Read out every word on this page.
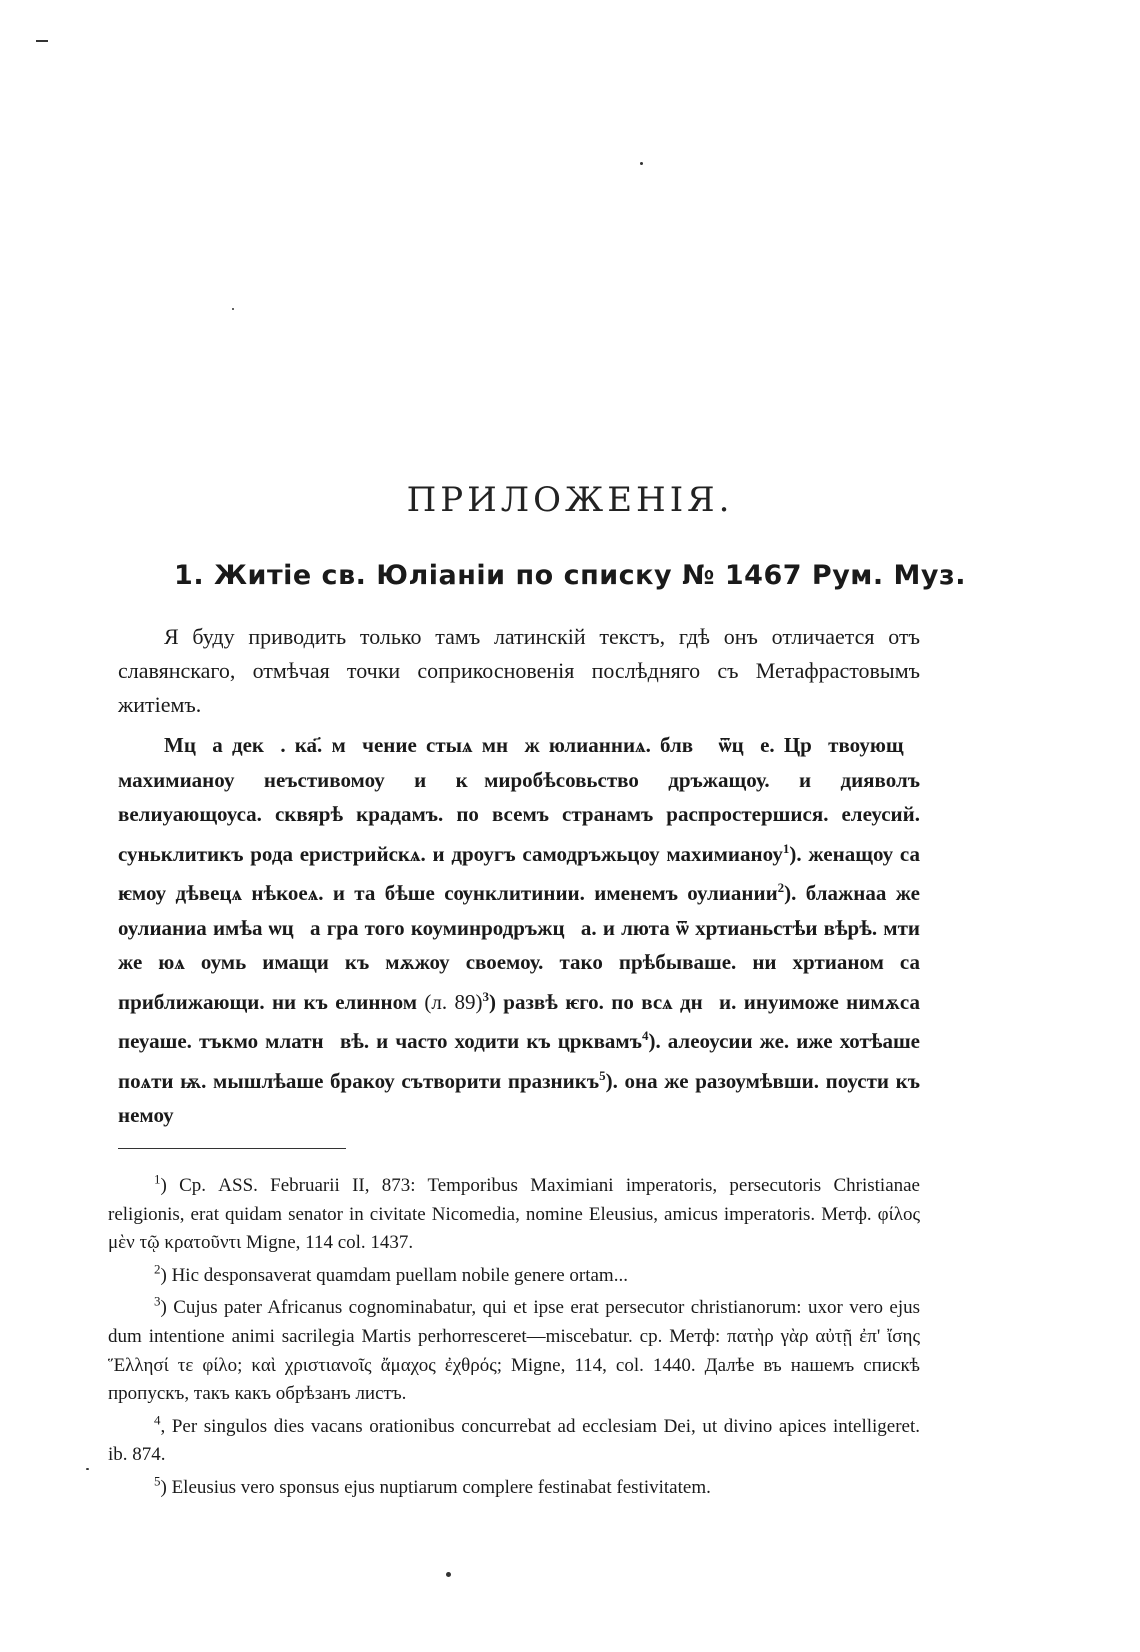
ПРИЛОЖЕНІЯ.
1. Житіе св. Юліаніи по списку № 1467 Рум. Муз.

Я буду приводить только тамъ латинскій текстъ, гдѣ онъ отличается отъ славянскаго, отмѣчая точки соприкосновенія послѣдняго съ Метафрастовымъ житіемъ.

Мцⷭа декⷭ. ка҃. мꙋчение стыѧ мнⷣж юлианниѧ. блвⷭ ѿцⷭе. Црⷭтвоующꙋ махимианоу неъстивомоу и кꙋмиробѣсовьство дръжащоу. и дияволъ велиуающоуса. сквярѣ крадамъ. по всемъ странамъ распростершися. елеусий. суньклитикъ рода еристрийскѧ. и дроугъ самодръжьцоу махимианоу$^1$). женащоу са ѥмоу дѣвецѧ нѣкоеѧ. и та бѣше сѹнклитинии. именемъ оулиании$^2$). блажнаа же оулианиа имѣа ѡцⷭа гра того коуминродръжцⷭа. и люта ѿ хртианьстѣи вѣрѣ. мти же юѧ оумь имащи къ мѫжоу своемоу. тако прѣбываше. ни хртианом са приближающи. ни къ елинном (л. 89)$^3$) развѣ ѥго. по всѧ днⷭи. инуиможе нимѫса пеуаше. тъкмо млатнⷭвѣ. и часто ходити къ црквамъ$^4$). алеоусии же. иже хотѣаше поѧти ѭ. мышлѣаше бракоу сътворити празникъ$^5$). она же разоумѣвши. поусти къ немоу

$^1$) Ср. ASS. Februarii II, 873: Temporibus Maximiani imperatoris, persecutoris Christianae religionis, erat quidam senator in civitate Nicomedia, nomine Eleusius, amicus imperatoris. Метф. φίλος μὲν τῷ κρατοῦντι Migne, 114 col. 1437.

$^2$) Hic desponsaverat quamdam puellam nobile genere ortam...

$^3$) Cujus pater Africanus cognominabatur, qui et ipse erat persecutor christianorum: uxor vero ejus dum intentione animi sacrilegia Martis perhorresceret—miscebatur. ср. Метф: πατὴρ γὰρ αὐτῇ ἐπ' ἴσης Ἕλλησί τε φίλο; καὶ χριστιανοῖς ἄμαχος ἐχθρός; Migne, 114, col. 1440. Далѣе въ нашемъ спискѣ пропускъ, такъ какъ обрѣзанъ листъ.

$^4$, Per singulos dies vacans orationibus concurrebat ad ecclesiam Dei, ut divino apices intelligeret. ib. 874.

$^5$) Eleusius vero sponsus ejus nuptiarum complere festinabat festivitatem.
